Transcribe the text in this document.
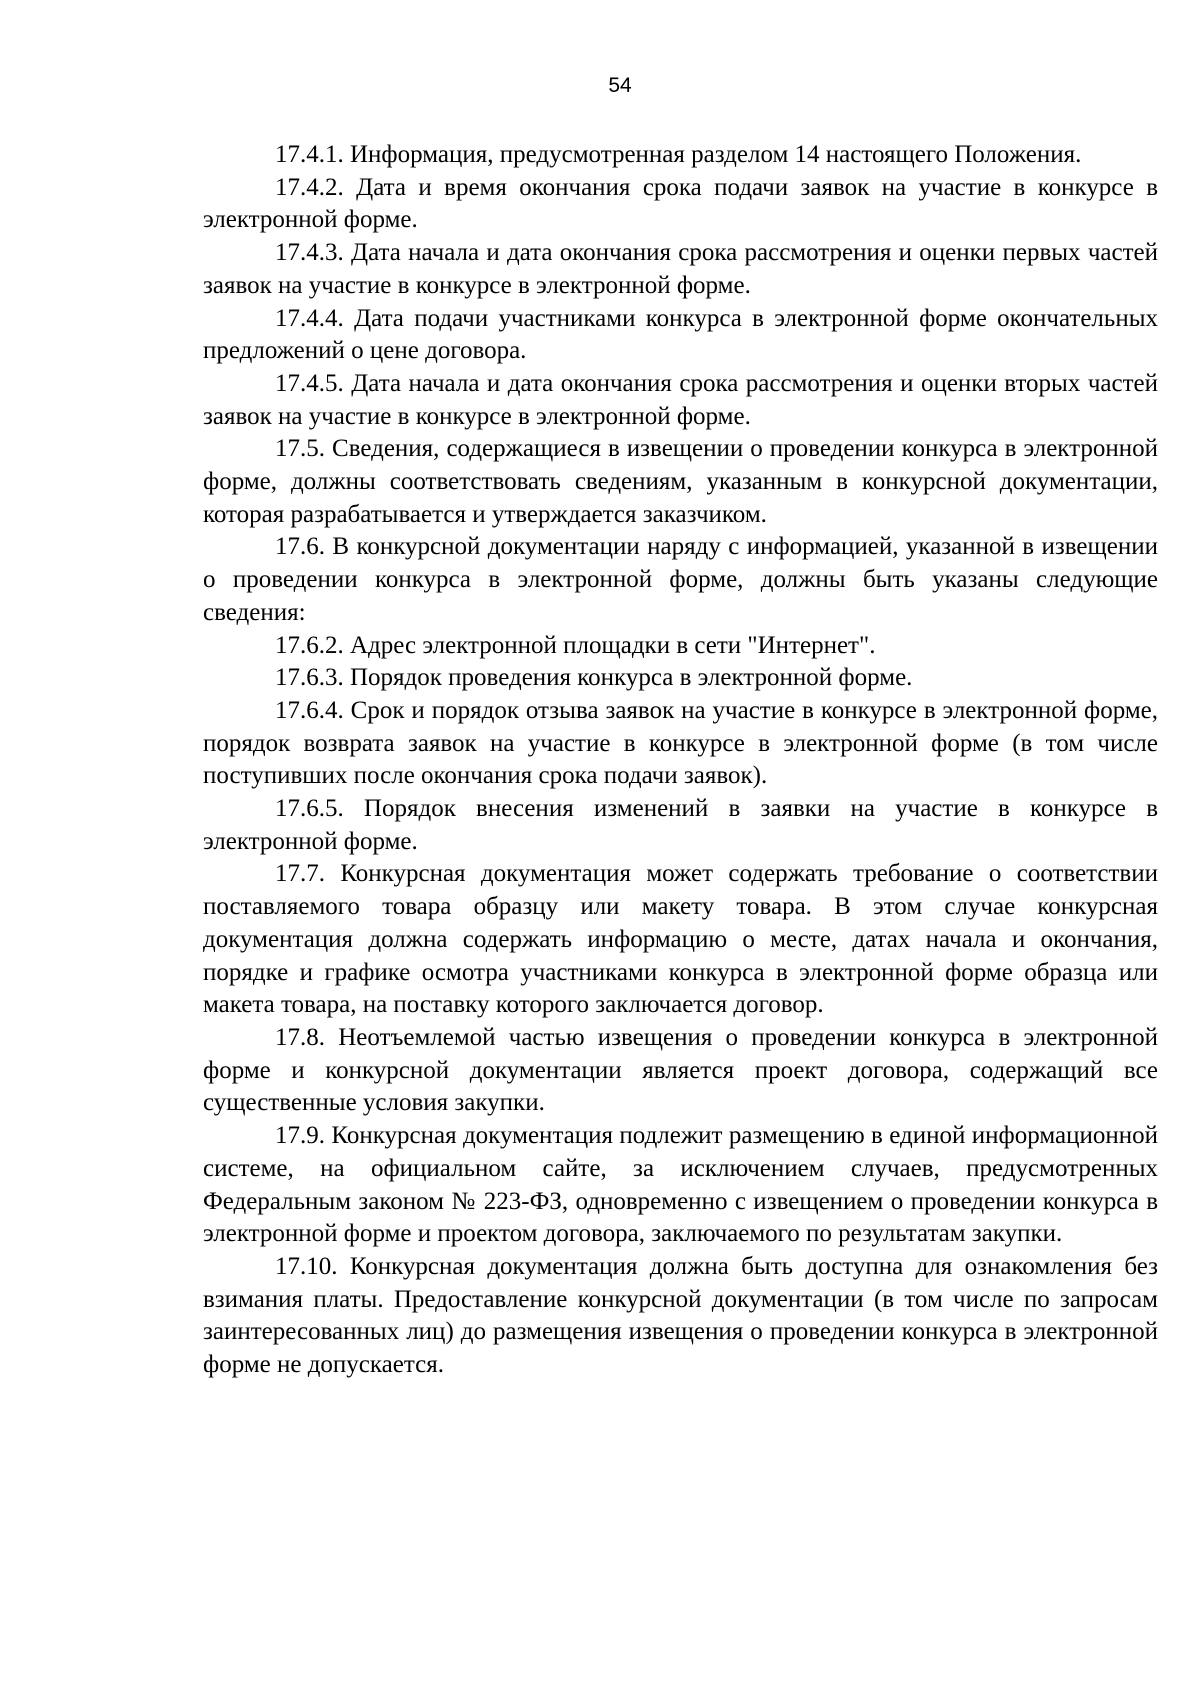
54

17.4.1. Информация, предусмотренная разделом 14 настоящего Положения.

17.4.2. Дата и время окончания срока подачи заявок на участие в конкурсе в электронной форме.

17.4.3. Дата начала и дата окончания срока рассмотрения и оценки первых частей заявок на участие в конкурсе в электронной форме.

17.4.4. Дата подачи участниками конкурса в электронной форме окончательных предложений о цене договора.

17.4.5. Дата начала и дата окончания срока рассмотрения и оценки вторых частей заявок на участие в конкурсе в электронной форме.

17.5. Сведения, содержащиеся в извещении о проведении конкурса в электронной форме, должны соответствовать сведениям, указанным в конкурсной документации, которая разрабатывается и утверждается заказчиком.

17.6. В конкурсной документации наряду с информацией, указанной в извещении о проведении конкурса в электронной форме, должны быть указаны следующие сведения:

17.6.2. Адрес электронной площадки в сети "Интернет".

17.6.3. Порядок проведения конкурса в электронной форме.

17.6.4. Срок и порядок отзыва заявок на участие в конкурсе в электронной форме, порядок возврата заявок на участие в конкурсе в электронной форме (в том числе поступивших после окончания срока подачи заявок).

17.6.5. Порядок внесения изменений в заявки на участие в конкурсе в электронной форме.

17.7. Конкурсная документация может содержать требование о соответствии поставляемого товара образцу или макету товара. В этом случае конкурсная документация должна содержать информацию о месте, датах начала и окончания, порядке и графике осмотра участниками конкурса в электронной форме образца или макета товара, на поставку которого заключается договор.

17.8. Неотъемлемой частью извещения о проведении конкурса в электронной форме и конкурсной документации является проект договора, содержащий все существенные условия закупки.

17.9. Конкурсная документация подлежит размещению в единой информационной системе, на официальном сайте, за исключением случаев, предусмотренных Федеральным законом № 223-ФЗ, одновременно с извещением о проведении конкурса в электронной форме и проектом договора, заключаемого по результатам закупки.

17.10. Конкурсная документация должна быть доступна для ознакомления без взимания платы. Предоставление конкурсной документации (в том числе по запросам заинтересованных лиц) до размещения извещения о проведении конкурса в электронной форме не допускается.
